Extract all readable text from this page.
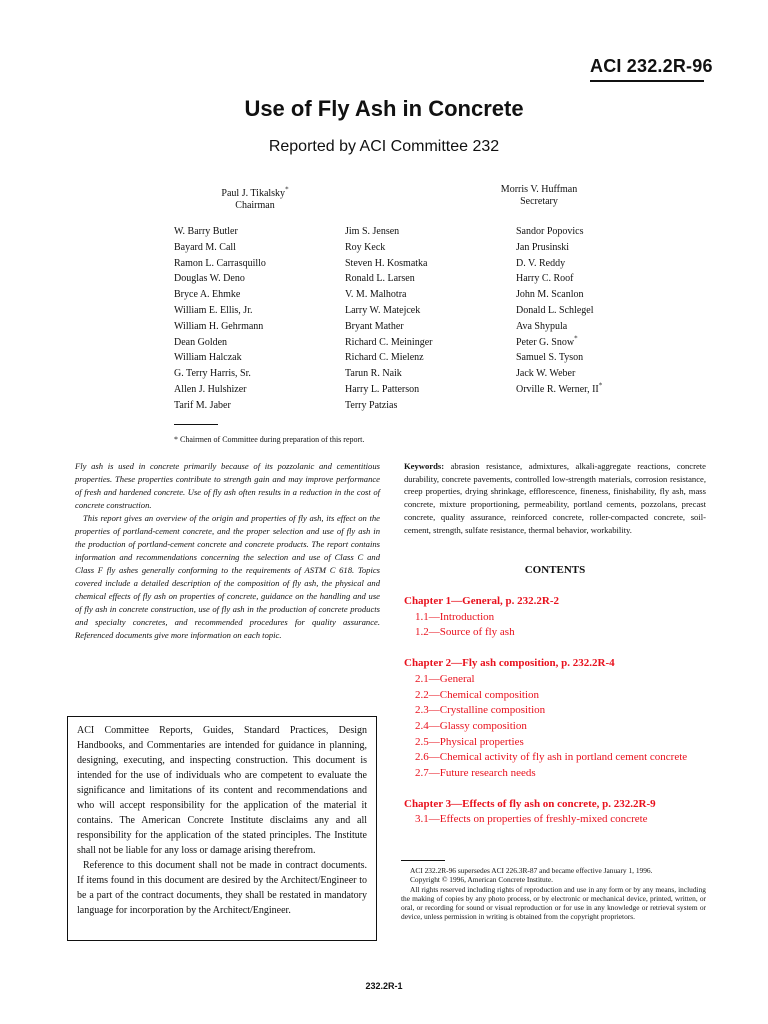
ACI 232.2R-96
Use of Fly Ash in Concrete
Reported by ACI Committee 232
Paul J. Tikalsky*
Chairman
Morris V. Huffman
Secretary
W. Barry Butler
Bayard M. Call
Ramon L. Carrasquillo
Douglas W. Deno
Bryce A. Ehmke
William E. Ellis, Jr.
William H. Gehrmann
Dean Golden
William Halczak
G. Terry Harris, Sr.
Allen J. Hulshizer
Tarif M. Jaber
Jim S. Jensen
Roy Keck
Steven H. Kosmatka
Ronald L. Larsen
V. M. Malhotra
Larry W. Matejcek
Bryant Mather
Richard C. Meininger
Richard C. Mielenz
Tarun R. Naik
Harry L. Patterson
Terry Patzias
Sandor Popovics
Jan Prusinski
D. V. Reddy
Harry C. Roof
John M. Scanlon
Donald L. Schlegel
Ava Shypula
Peter G. Snow*
Samuel S. Tyson
Jack W. Weber
Orville R. Werner, II*
* Chairmen of Committee during preparation of this report.

Fly ash is used in concrete primarily because of its pozzolanic and cementitious properties. These properties contribute to strength gain and may improve performance of fresh and hardened concrete. Use of fly ash often results in a reduction in the cost of concrete construction.

This report gives an overview of the origin and properties of fly ash, its effect on the properties of portland-cement concrete, and the proper selection and use of fly ash in the production of portland-cement concrete and concrete products. The report contains information and recommendations concerning the selection and use of Class C and Class F fly ashes generally conforming to the requirements of ASTM C 618. Topics covered include a detailed description of the composition of fly ash, the physical and chemical effects of fly ash on properties of concrete, guidance on the handling and use of fly ash in concrete construction, use of fly ash in the production of concrete products and specialty concretes, and recommended procedures for quality assurance. Referenced documents give more information on each topic.

ACI Committee Reports, Guides, Standard Practices, Design Handbooks, and Commentaries are intended for guidance in planning, designing, executing, and inspecting construction. This document is intended for the use of individuals who are competent to evaluate the significance and limitations of its content and recommendations and who will accept responsibility for the application of the material it contains. The American Concrete Institute disclaims any and all responsibility for the application of the stated principles. The Institute shall not be liable for any loss or damage arising therefrom.

Reference to this document shall not be made in contract documents. If items found in this document are desired by the Architect/Engineer to be a part of the contract documents, they shall be restated in mandatory language for incorporation by the Architect/Engineer.

Keywords: abrasion resistance, admixtures, alkali-aggregate reactions, concrete durability, concrete pavements, controlled low-strength materials, corrosion resistance, creep properties, drying shrinkage, efflorescence, fineness, finishability, fly ash, mass concrete, mixture proportioning, permeability, portland cements, pozzolans, precast concrete, quality assurance, reinforced concrete, roller-compacted concrete, soil-cement, strength, sulfate resistance, thermal behavior, workability.
CONTENTS
Chapter 1—General, p. 232.2R-2
1.1—Introduction
1.2—Source of fly ash
Chapter 2—Fly ash composition, p. 232.2R-4
2.1—General
2.2—Chemical composition
2.3—Crystalline composition
2.4—Glassy composition
2.5—Physical properties
2.6—Chemical activity of fly ash in portland cement concrete
2.7—Future research needs
Chapter 3—Effects of fly ash on concrete, p. 232.2R-9
3.1—Effects on properties of freshly-mixed concrete

ACI 232.2R-96 supersedes ACI 226.3R-87 and became effective January 1, 1996.

Copyright © 1996, American Concrete Institute.

All rights reserved including rights of reproduction and use in any form or by any means, including the making of copies by any photo process, or by electronic or mechanical device, printed, written, or oral, or recording for sound or visual reproduction or for use in any knowledge or retrieval system or device, unless permission in writing is obtained from the copyright proprietors.

232.2R-1
